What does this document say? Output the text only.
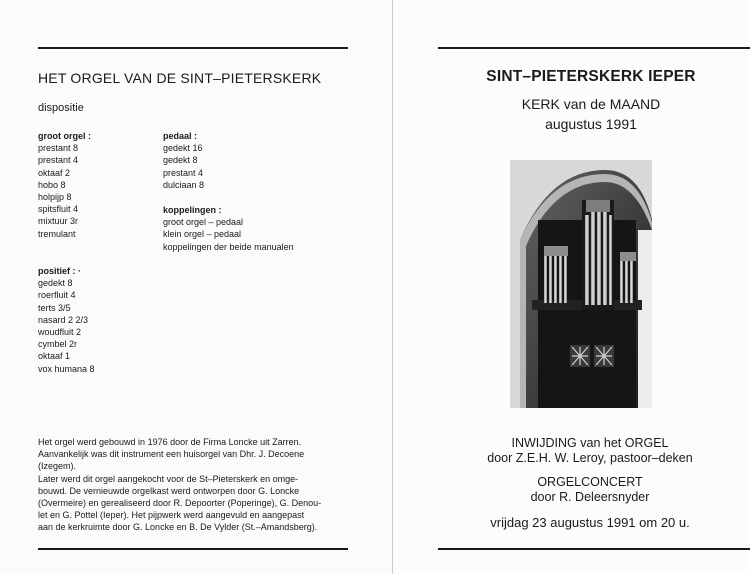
HET ORGEL VAN DE SINT–PIETERSKERK
dispositie
groot orgel :
prestant 8
prestant 4
oktaaf 2
hobo 8
holpijp 8
spitsfluit 4
mixtuur 3r
tremulant
pedaal :
gedekt 16
gedekt 8
prestant 4
dulciaan 8
koppelingen :
groot orgel – pedaal
klein orgel – pedaal
koppelingen der beide manualen
positief : ·
gedekt 8
roerfluit 4
terts 3/5
nasard 2 2/3
woudfluit 2
cymbel 2r
oktaaf 1
vox humana 8
Het orgel werd gebouwd in 1976 door de Firma Loncke uit Zarren.
Aanvankelijk was dit instrument een huisorgel van Dhr. J. Decoene
(Izegem).
Later werd dit orgel aangekocht voor de St–Pieterskerk en omge-
bouwd. De vernieuwde orgelkast werd ontworpen door G. Loncke
(Overmeire) en gerealiseerd door R. Depoorter (Poperinge), G. Denou-
let en G. Pottel (Ieper). Het pijpwerk werd aangevuld en aangepast
aan de kerkruimte door G. Loncke en B. De Vylder (St.–Amandsberg).
SINT–PIETERSKERK IEPER
KERK van de MAAND
augustus 1991
INWIJDING van het ORGEL
door Z.E.H. W. Leroy, pastoor–deken
ORGELCONCERT
door R. Deleersnyder
vrijdag 23 augustus 1991 om 20 u.
